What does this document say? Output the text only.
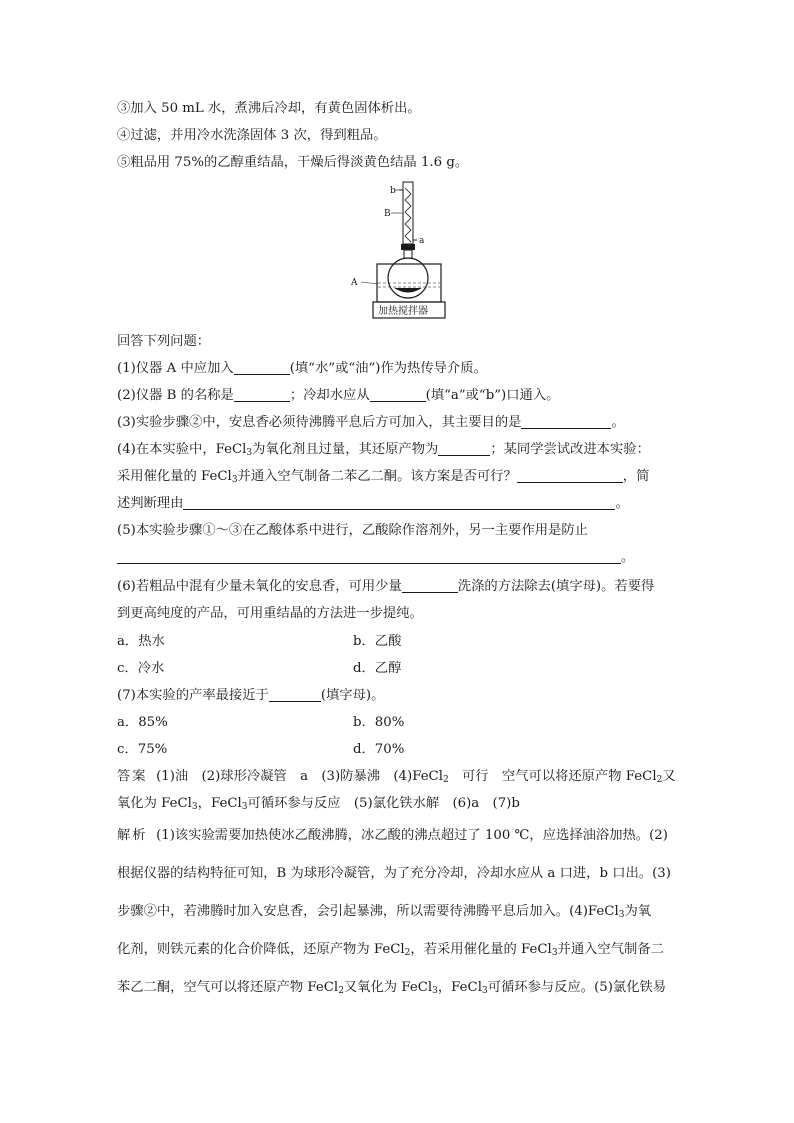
③加入 50 mL 水，煮沸后冷却，有黄色固体析出。
④过滤，并用冷水洗涤固体 3 次，得到粗品。
⑤粗品用 75%的乙醇重结晶，干燥后得淡黄色结晶 1.6 g。
b
B
a
A
加热搅拌器
回答下列问题：
(1)仪器 A 中应加入	(填“水”或“油”)作为热传导介质。
(2)仪器 B 的名称是	；冷却水应从	(填“a”或“b”)口通入。
(3)实验步骤②中，安息香必须待沸腾平息后方可加入，其主要目的是	。
(4)在本实验中，FeCl$_3$为氧化剂且过量，其还原产物为	；某同学尝试改进本实验：
采用催化量的 FeCl$_3$并通入空气制备二苯乙二酮。该方案是否可行？	，简
述判断理由	。
(5)本实验步骤①～③在乙酸体系中进行，乙酸除作溶剂外，另一主要作用是防止
。
(6)若粗品中混有少量未氧化的安息香，可用少量	洗涤的方法除去(填字母)。若要得
到更高纯度的产品，可用重结晶的方法进一步提纯。
a．热水	b．乙酸
c．冷水	d．乙醇
(7)本实验的产率最接近于	(填字母)。
a．85%	b．80%
c．75%	d．70%
答案 (1)油　(2)球形冷凝管　a　(3)防暴沸　(4)FeCl$_2$　可行　空气可以将还原产物 FeCl$_2$又
氧化为 FeCl$_3$，FeCl$_3$可循环参与反应　(5)氯化铁水解　(6)a　(7)b
解析 (1)该实验需要加热使冰乙酸沸腾，冰乙酸的沸点超过了 100 ℃，应选择油浴加热。(2)
根据仪器的结构特征可知，B 为球形冷凝管，为了充分冷却，冷却水应从 a 口进，b 口出。(3)
步骤②中，若沸腾时加入安息香，会引起暴沸，所以需要待沸腾平息后加入。(4)FeCl$_3$为氧
化剂，则铁元素的化合价降低，还原产物为 FeCl$_2$，若采用催化量的 FeCl$_3$并通入空气制备二
苯乙二酮，空气可以将还原产物 FeCl$_2$又氧化为 FeCl$_3$，FeCl$_3$可循环参与反应。(5)氯化铁易
